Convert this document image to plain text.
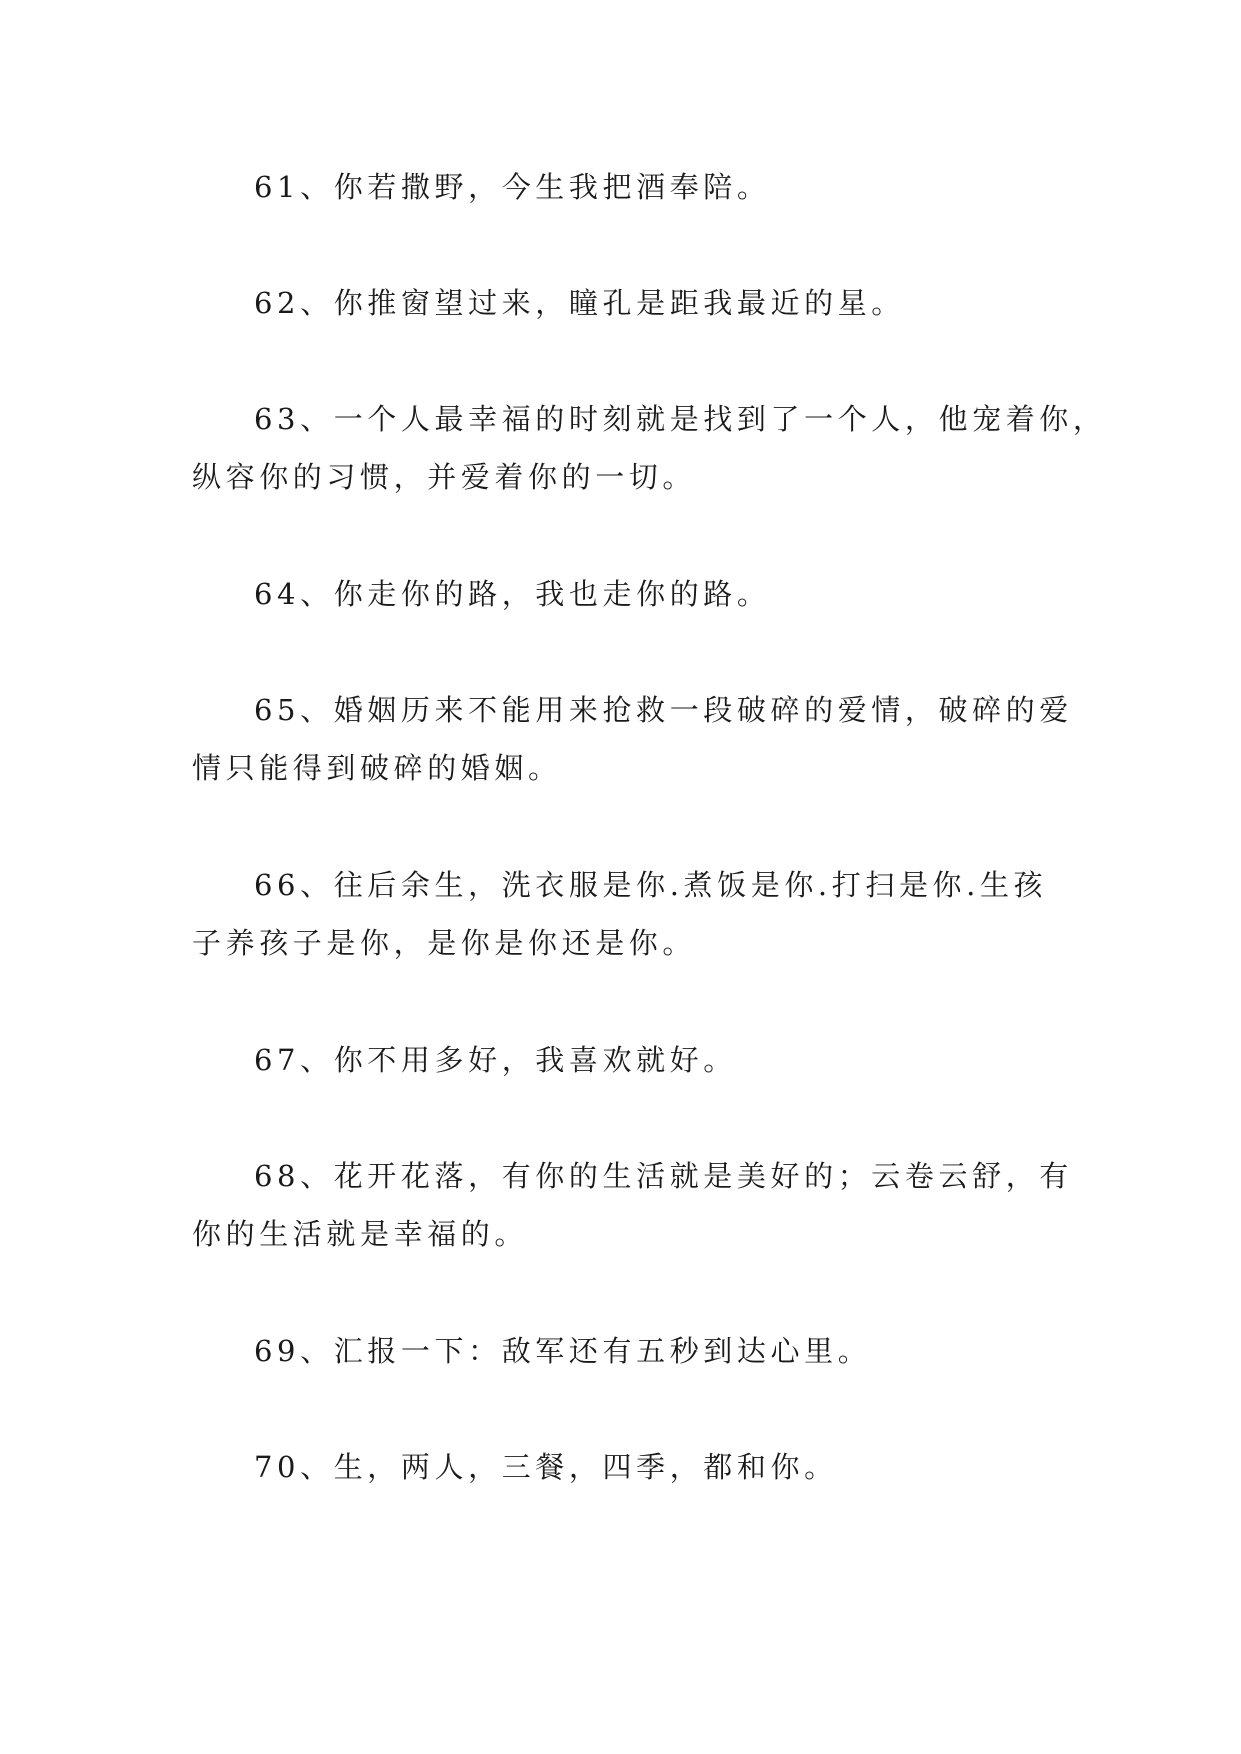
61、你若撒野，今生我把酒奉陪。

62、你推窗望过来，瞳孔是距我最近的星。

63、一个人最幸福的时刻就是找到了一个人，他宠着你，
纵容你的习惯，并爱着你的一切。

64、你走你的路，我也走你的路。

65、婚姻历来不能用来抢救一段破碎的爱情，破碎的爱
情只能得到破碎的婚姻。

66、往后余生，洗衣服是你.煮饭是你.打扫是你.生孩
子养孩子是你，是你是你还是你。

67、你不用多好，我喜欢就好。

68、花开花落，有你的生活就是美好的；云卷云舒，有
你的生活就是幸福的。

69、汇报一下：敌军还有五秒到达心里。

70、生，两人，三餐，四季，都和你。
